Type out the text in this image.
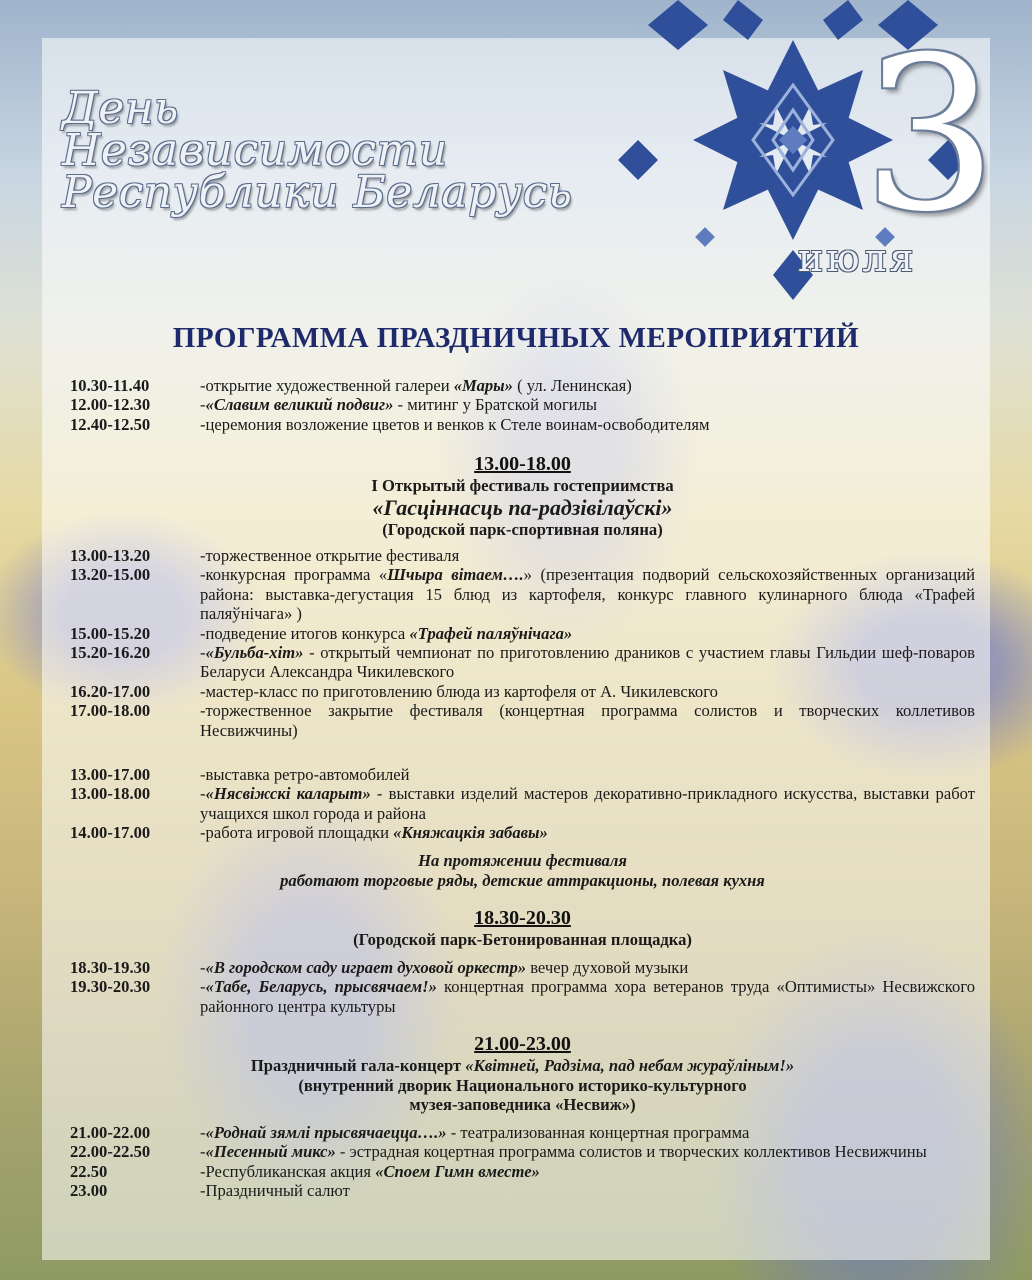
День
Независимости
Республики Беларусь 3
июля
ПРОГРАММА ПРАЗДНИЧНЫХ МЕРОПРИЯТИЙ
10.30-11.40	-открытие художественной галереи «Мары» ( ул. Ленинская)
12.00-12.30	-«Славим великий подвиг» - митинг у Братской могилы
12.40-12.50	-церемония возложение цветов и венков к Стеле воинам-освободителям
13.00-18.00
I Открытый фестиваль гостеприимства
«Гасціннасць па-радзівілаўскі»
(Городской парк-спортивная поляна)
13.00-13.20	-торжественное открытие фестиваля
13.20-15.00	-конкурсная программа «Шчыра вітаем….» (презентация подворий сельскохозяйственных организаций района: выставка-дегустация 15 блюд из картофеля, конкурс главного кулинарного блюда «Трафей паляўнічага» )
15.00-15.20	-подведение итогов конкурса «Трафей паляўнічага»
15.20-16.20	-«Бульба-хіт» - открытый чемпионат по приготовлению драников с участием главы Гильдии шеф-поваров Беларуси Александра Чикилевского
16.20-17.00	-мастер-класс по приготовлению блюда из картофеля от А. Чикилевского
17.00-18.00	-торжественное закрытие фестиваля (концертная программа солистов и творческих коллетивов Несвижчины)
13.00-17.00	-выставка ретро-автомобилей
13.00-18.00	-«Нясвіжскі каларыт» - выставки изделий мастеров декоративно-прикладного искусства, выставки работ учащихся школ города и района
14.00-17.00	-работа игровой площадки «Княжацкія забавы»
На протяжении фестиваля
работают торговые ряды, детские аттракционы, полевая кухня
18.30-20.30
(Городской парк-Бетонированная площадка)
18.30-19.30	-«В городском саду играет духовой оркестр» вечер духовой музыки
19.30-20.30	-«Табе, Беларусь, прысвячаем!» концертная программа хора ветеранов труда «Оптимисты» Несвижского районного центра культуры
21.00-23.00
Праздничный гала-концерт «Квітней, Радзіма, пад небам жураўліным!»
(внутренний дворик Национального историко-культурного
музея-заповедника «Несвиж»)
21.00-22.00	-«Роднай зямлі прысвячаецца….» - театрализованная концертная программа
22.00-22.50	-«Песенный микс» - эстрадная коцертная программа солистов и творческих коллективов Несвижчины
22.50	-Республиканская акция «Споем Гимн вместе»
23.00	-Праздничный салют
